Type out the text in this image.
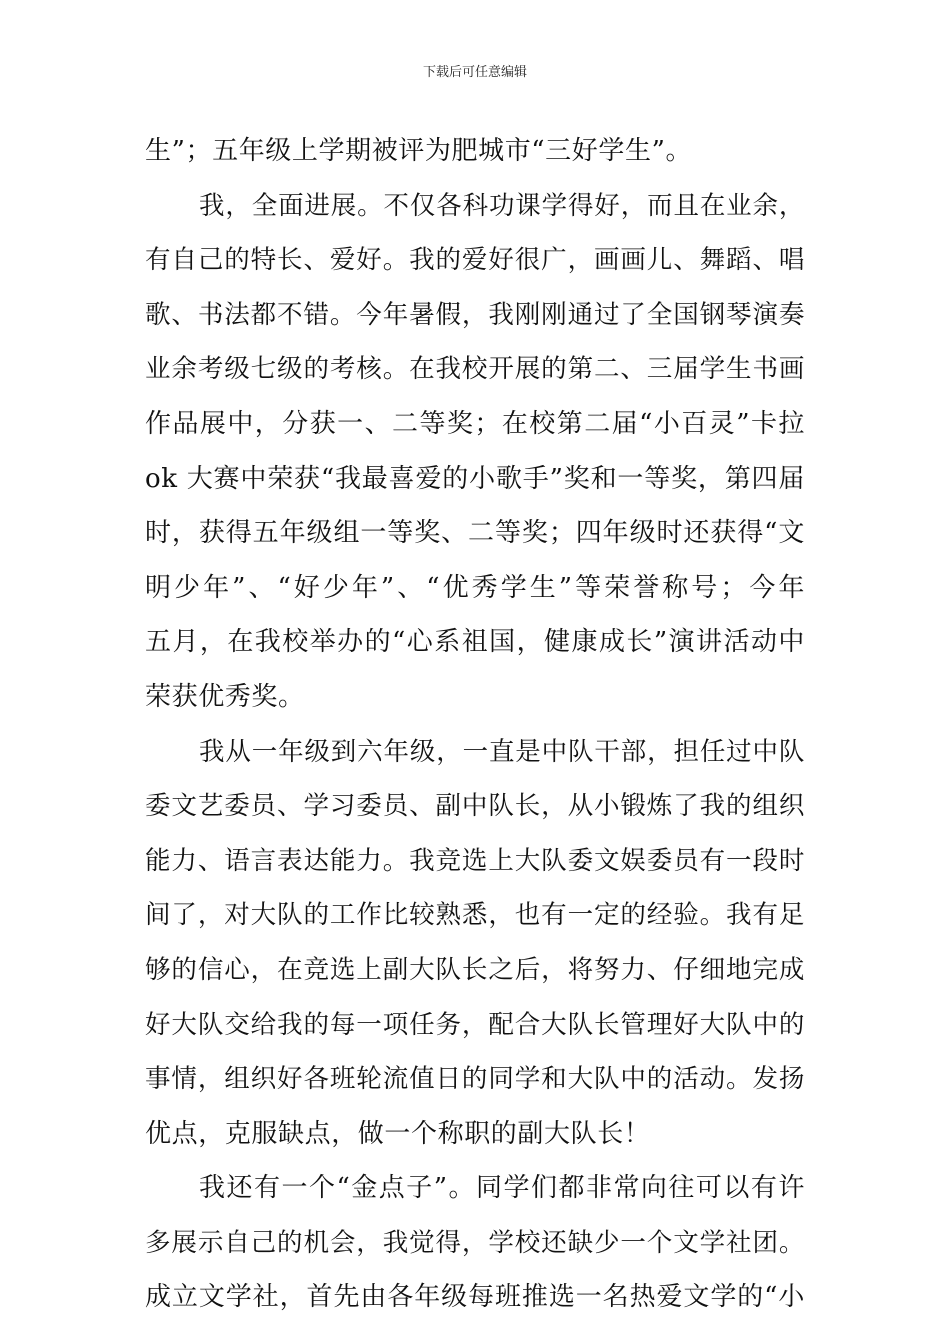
下载后可任意编辑
生”；五年级上学期被评为肥城市“三好学生”。
我，全面进展。不仅各科功课学得好，而且在业余，
有自己的特长、爱好。我的爱好很广，画画儿、舞蹈、唱
歌、书法都不错。今年暑假，我刚刚通过了全国钢琴演奏
业余考级七级的考核。在我校开展的第二、三届学生书画
作品展中，分获一、二等奖；在校第二届“小百灵”卡拉
ok 大赛中荣获“我最喜爱的小歌手”奖和一等奖，第四届
时，获得五年级组一等奖、二等奖；四年级时还获得“文
明少年”、“好少年”、“优秀学生”等荣誉称号；今年
五月，在我校举办的“心系祖国，健康成长”演讲活动中
荣获优秀奖。
我从一年级到六年级，一直是中队干部，担任过中队
委文艺委员、学习委员、副中队长，从小锻炼了我的组织
能力、语言表达能力。我竞选上大队委文娱委员有一段时
间了，对大队的工作比较熟悉，也有一定的经验。我有足
够的信心，在竞选上副大队长之后，将努力、仔细地完成
好大队交给我的每一项任务，配合大队长管理好大队中的
事情，组织好各班轮流值日的同学和大队中的活动。发扬
优点，克服缺点，做一个称职的副大队长！
我还有一个“金点子”。同学们都非常向往可以有许
多展示自己的机会，我觉得，学校还缺少一个文学社团。
成立文学社，首先由各年级每班推选一名热爱文学的“小
